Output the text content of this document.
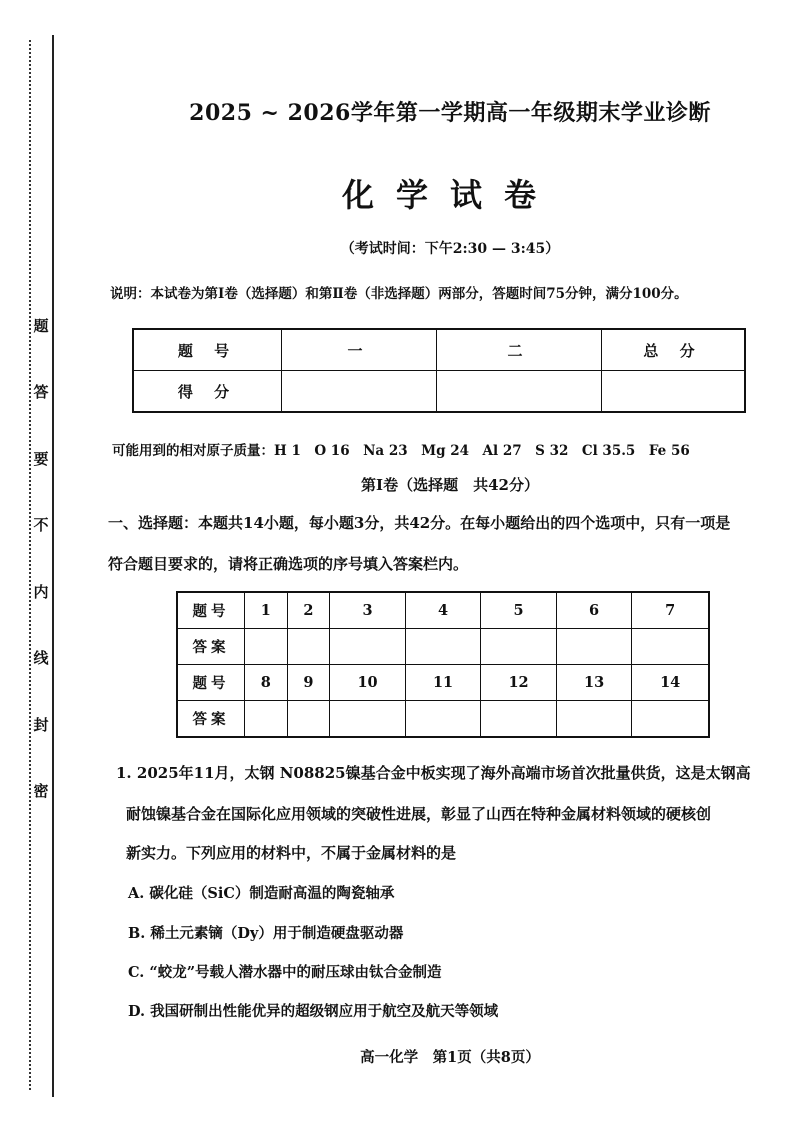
题
答
要
不
内
线
封
密
2025 ~ 2026学年第一学期高一年级期末学业诊断
化学试卷
（考试时间：下午2:30 — 3:45）
说明：本试卷为第Ⅰ卷（选择题）和第Ⅱ卷（非选择题）两部分，答题时间75分钟，满分100分。
题 号	一	二	总 分
得 分			
可能用到的相对原子质量：H 1　O 16　Na 23　Mg 24　Al 27　S 32　Cl 35.5　Fe 56
第Ⅰ卷（选择题　共42分）
一、选择题：本题共14小题，每小题3分，共42分。在每小题给出的四个选项中，只有一项是
符合题目要求的，请将正确选项的序号填入答案栏内。
题号	1	2	3	4	5	6	7
答案							
题号	8	9	10	11	12	13	14
答案							
1. 2025年11月，太钢 N08825镍基合金中板实现了海外高端市场首次批量供货，这是太钢高
耐蚀镍基合金在国际化应用领域的突破性进展，彰显了山西在特种金属材料领域的硬核创
新实力。下列应用的材料中，不属于金属材料的是
A. 碳化硅（SiC）制造耐高温的陶瓷轴承
B. 稀土元素镝（Dy）用于制造硬盘驱动器
C. “蛟龙”号载人潜水器中的耐压球由钛合金制造
D. 我国研制出性能优异的超级钢应用于航空及航天等领域
高一化学　第1页（共8页）
